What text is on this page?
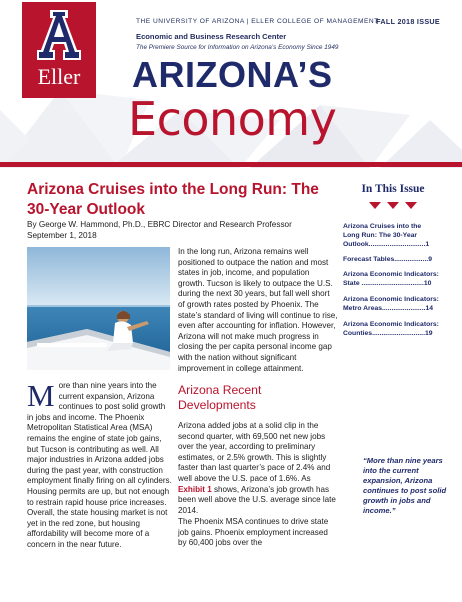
Eller
THE UNIVERSITY OF ARIZONA | ELLER COLLEGE OF MANAGEMENT
FALL 2018 ISSUE
Economic and Business Research Center
The Premiere Source for Information on Arizona’s Economy Since 1949
ARIZONA’S
Economy
Arizona Cruises into the Long Run: The 30-Year Outlook
By George W. Hammond, Ph.D., EBRC Director and Research Professor
September 1, 2018
In the long run, Arizona remains well positioned to outpace the nation and most states in job, income, and population growth. Tucson is likely to outpace the U.S. during the next 30 years, but fall well short of growth rates posted by Phoenix. The state’s standard of living will continue to rise, even after accounting for inflation. However, Arizona will not make much progress in closing the per capita personal income gap with the nation without significant improvement in college attainment.
More than nine years into the current expansion, Arizona continues to post solid growth in jobs and income. The Phoenix Metropolitan Statistical Area (MSA) remains the engine of state job gains, but Tucson is contributing as well. All major industries in Arizona added jobs during the past year, with construction employment finally firing on all cylinders. Housing permits are up, but not enough to restrain rapid house price increases. Overall, the state housing market is not yet in the red zone, but housing affordability will become more of a concern in the near future.
Arizona Recent Developments
Arizona added jobs at a solid clip in the second quarter, with 69,500 net new jobs over the year, according to preliminary estimates, or 2.5% growth. This is slightly faster than last quarter’s pace of 2.4% and well above the U.S. pace of 1.6%. As Exhibit 1 shows, Arizona’s job growth has been well above the U.S. average since late 2014.
The Phoenix MSA continues to drive state job gains. Phoenix employment increased by 60,400 jobs over the
In This Issue
Arizona Cruises into the
Long Run: The 30-Year
Outlook..............................1
Forecast Tables..................9
Arizona Economic Indicators:
State .................................10
Arizona Economic Indicators:
Metro Areas.......................14
Arizona Economic Indicators:
Counties............................19
“More than nine years into the current expansion, Arizona continues to post solid growth in jobs and income.”
